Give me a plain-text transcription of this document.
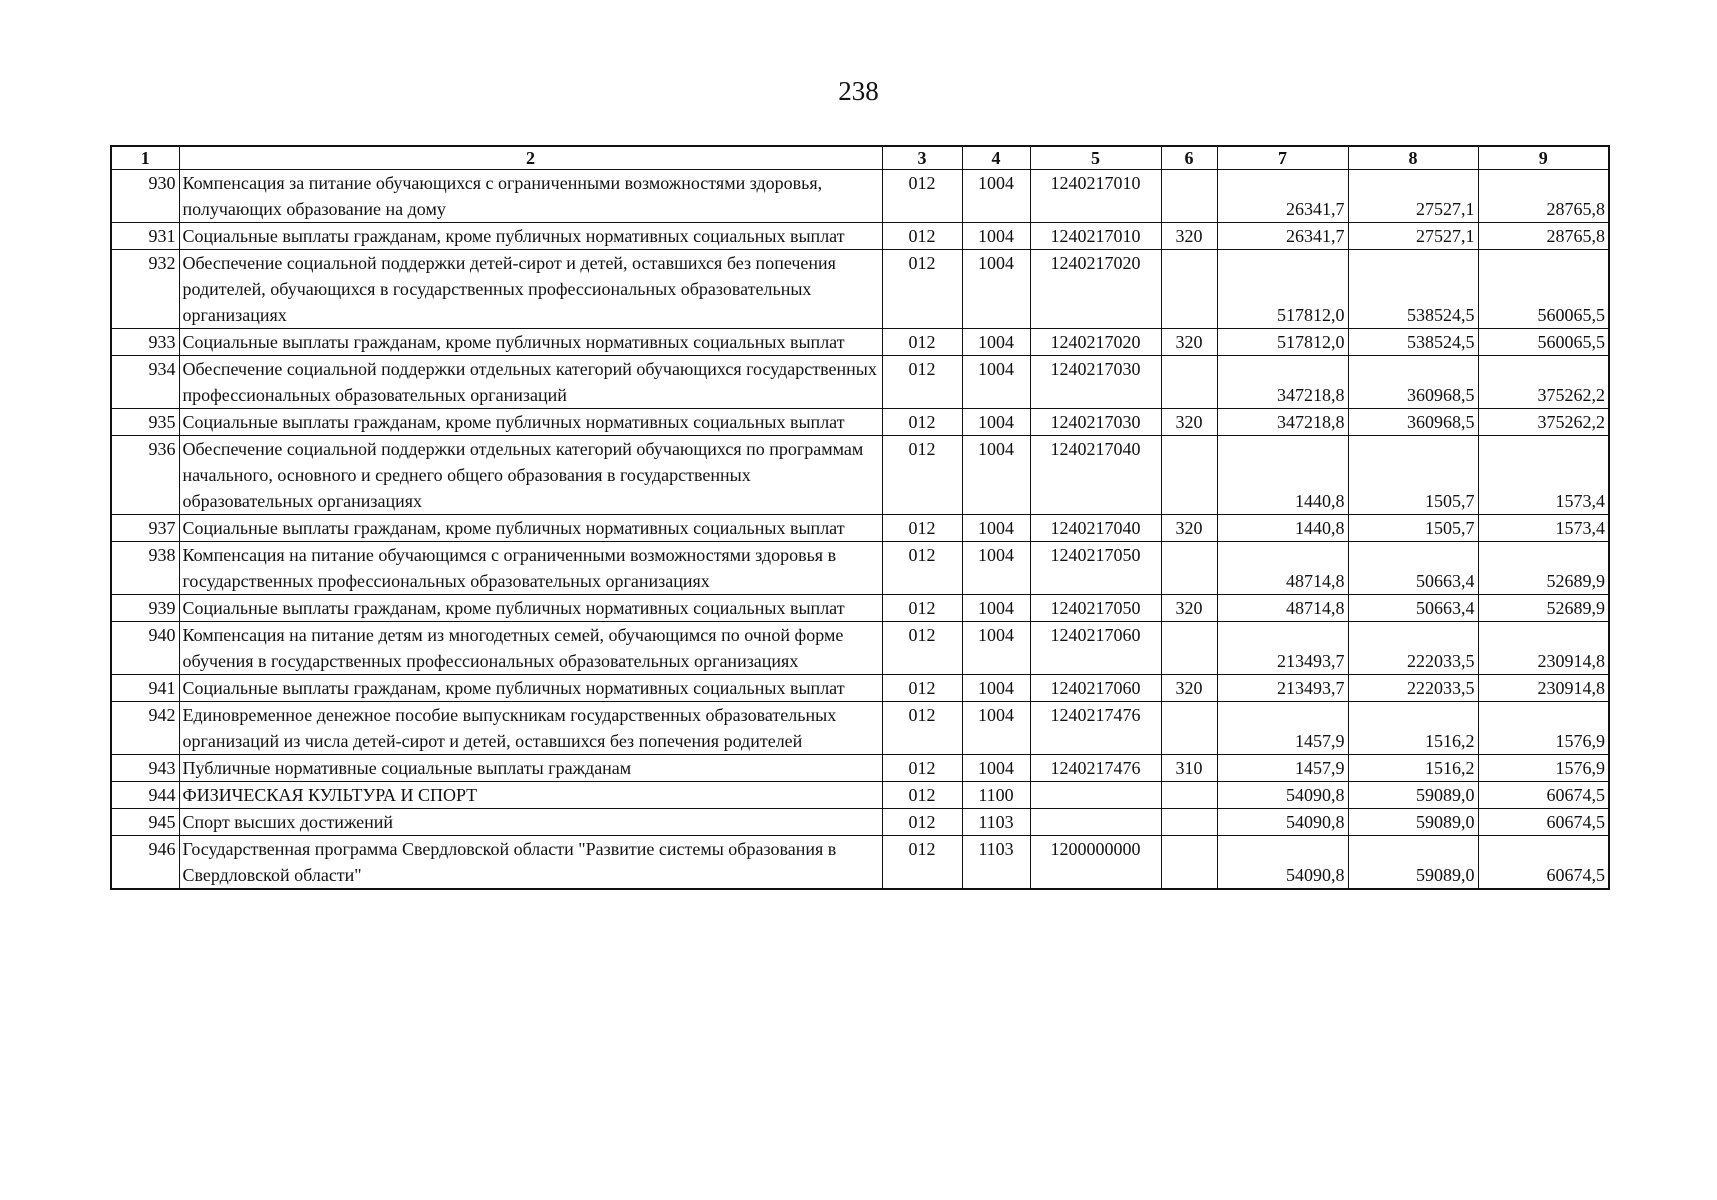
238
1	2	3	4	5	6	7	8	9
930	Компенсация за питание обучающихся с ограниченными возможностями здоровья, получающих образование на дому	012	1004	1240217010		26341,7	27527,1	28765,8
931	Социальные выплаты гражданам, кроме публичных нормативных социальных выплат	012	1004	1240217010	320	26341,7	27527,1	28765,8
932	Обеспечение социальной поддержки детей-сирот и детей, оставшихся без попечения родителей, обучающихся в государственных профессиональных образовательных организациях	012	1004	1240217020		517812,0	538524,5	560065,5
933	Социальные выплаты гражданам, кроме публичных нормативных социальных выплат	012	1004	1240217020	320	517812,0	538524,5	560065,5
934	Обеспечение социальной поддержки отдельных категорий обучающихся государственных профессиональных образовательных организаций	012	1004	1240217030		347218,8	360968,5	375262,2
935	Социальные выплаты гражданам, кроме публичных нормативных социальных выплат	012	1004	1240217030	320	347218,8	360968,5	375262,2
936	Обеспечение социальной поддержки отдельных категорий обучающихся по программам начального, основного и среднего общего образования в государственных образовательных организациях	012	1004	1240217040		1440,8	1505,7	1573,4
937	Социальные выплаты гражданам, кроме публичных нормативных социальных выплат	012	1004	1240217040	320	1440,8	1505,7	1573,4
938	Компенсация на питание обучающимся с ограниченными возможностями здоровья в государственных профессиональных образовательных организациях	012	1004	1240217050		48714,8	50663,4	52689,9
939	Социальные выплаты гражданам, кроме публичных нормативных социальных выплат	012	1004	1240217050	320	48714,8	50663,4	52689,9
940	Компенсация на питание детям из многодетных семей, обучающимся по очной форме обучения в государственных профессиональных образовательных организациях	012	1004	1240217060		213493,7	222033,5	230914,8
941	Социальные выплаты гражданам, кроме публичных нормативных социальных выплат	012	1004	1240217060	320	213493,7	222033,5	230914,8
942	Единовременное денежное пособие выпускникам государственных образовательных организаций из числа детей-сирот и детей, оставшихся без попечения родителей	012	1004	1240217476		1457,9	1516,2	1576,9
943	Публичные нормативные социальные выплаты гражданам	012	1004	1240217476	310	1457,9	1516,2	1576,9
944	ФИЗИЧЕСКАЯ КУЛЬТУРА И СПОРТ	012	1100			54090,8	59089,0	60674,5
945	Спорт высших достижений	012	1103			54090,8	59089,0	60674,5
946	Государственная программа Свердловской области "Развитие системы образования в Свердловской области"	012	1103	1200000000		54090,8	59089,0	60674,5
